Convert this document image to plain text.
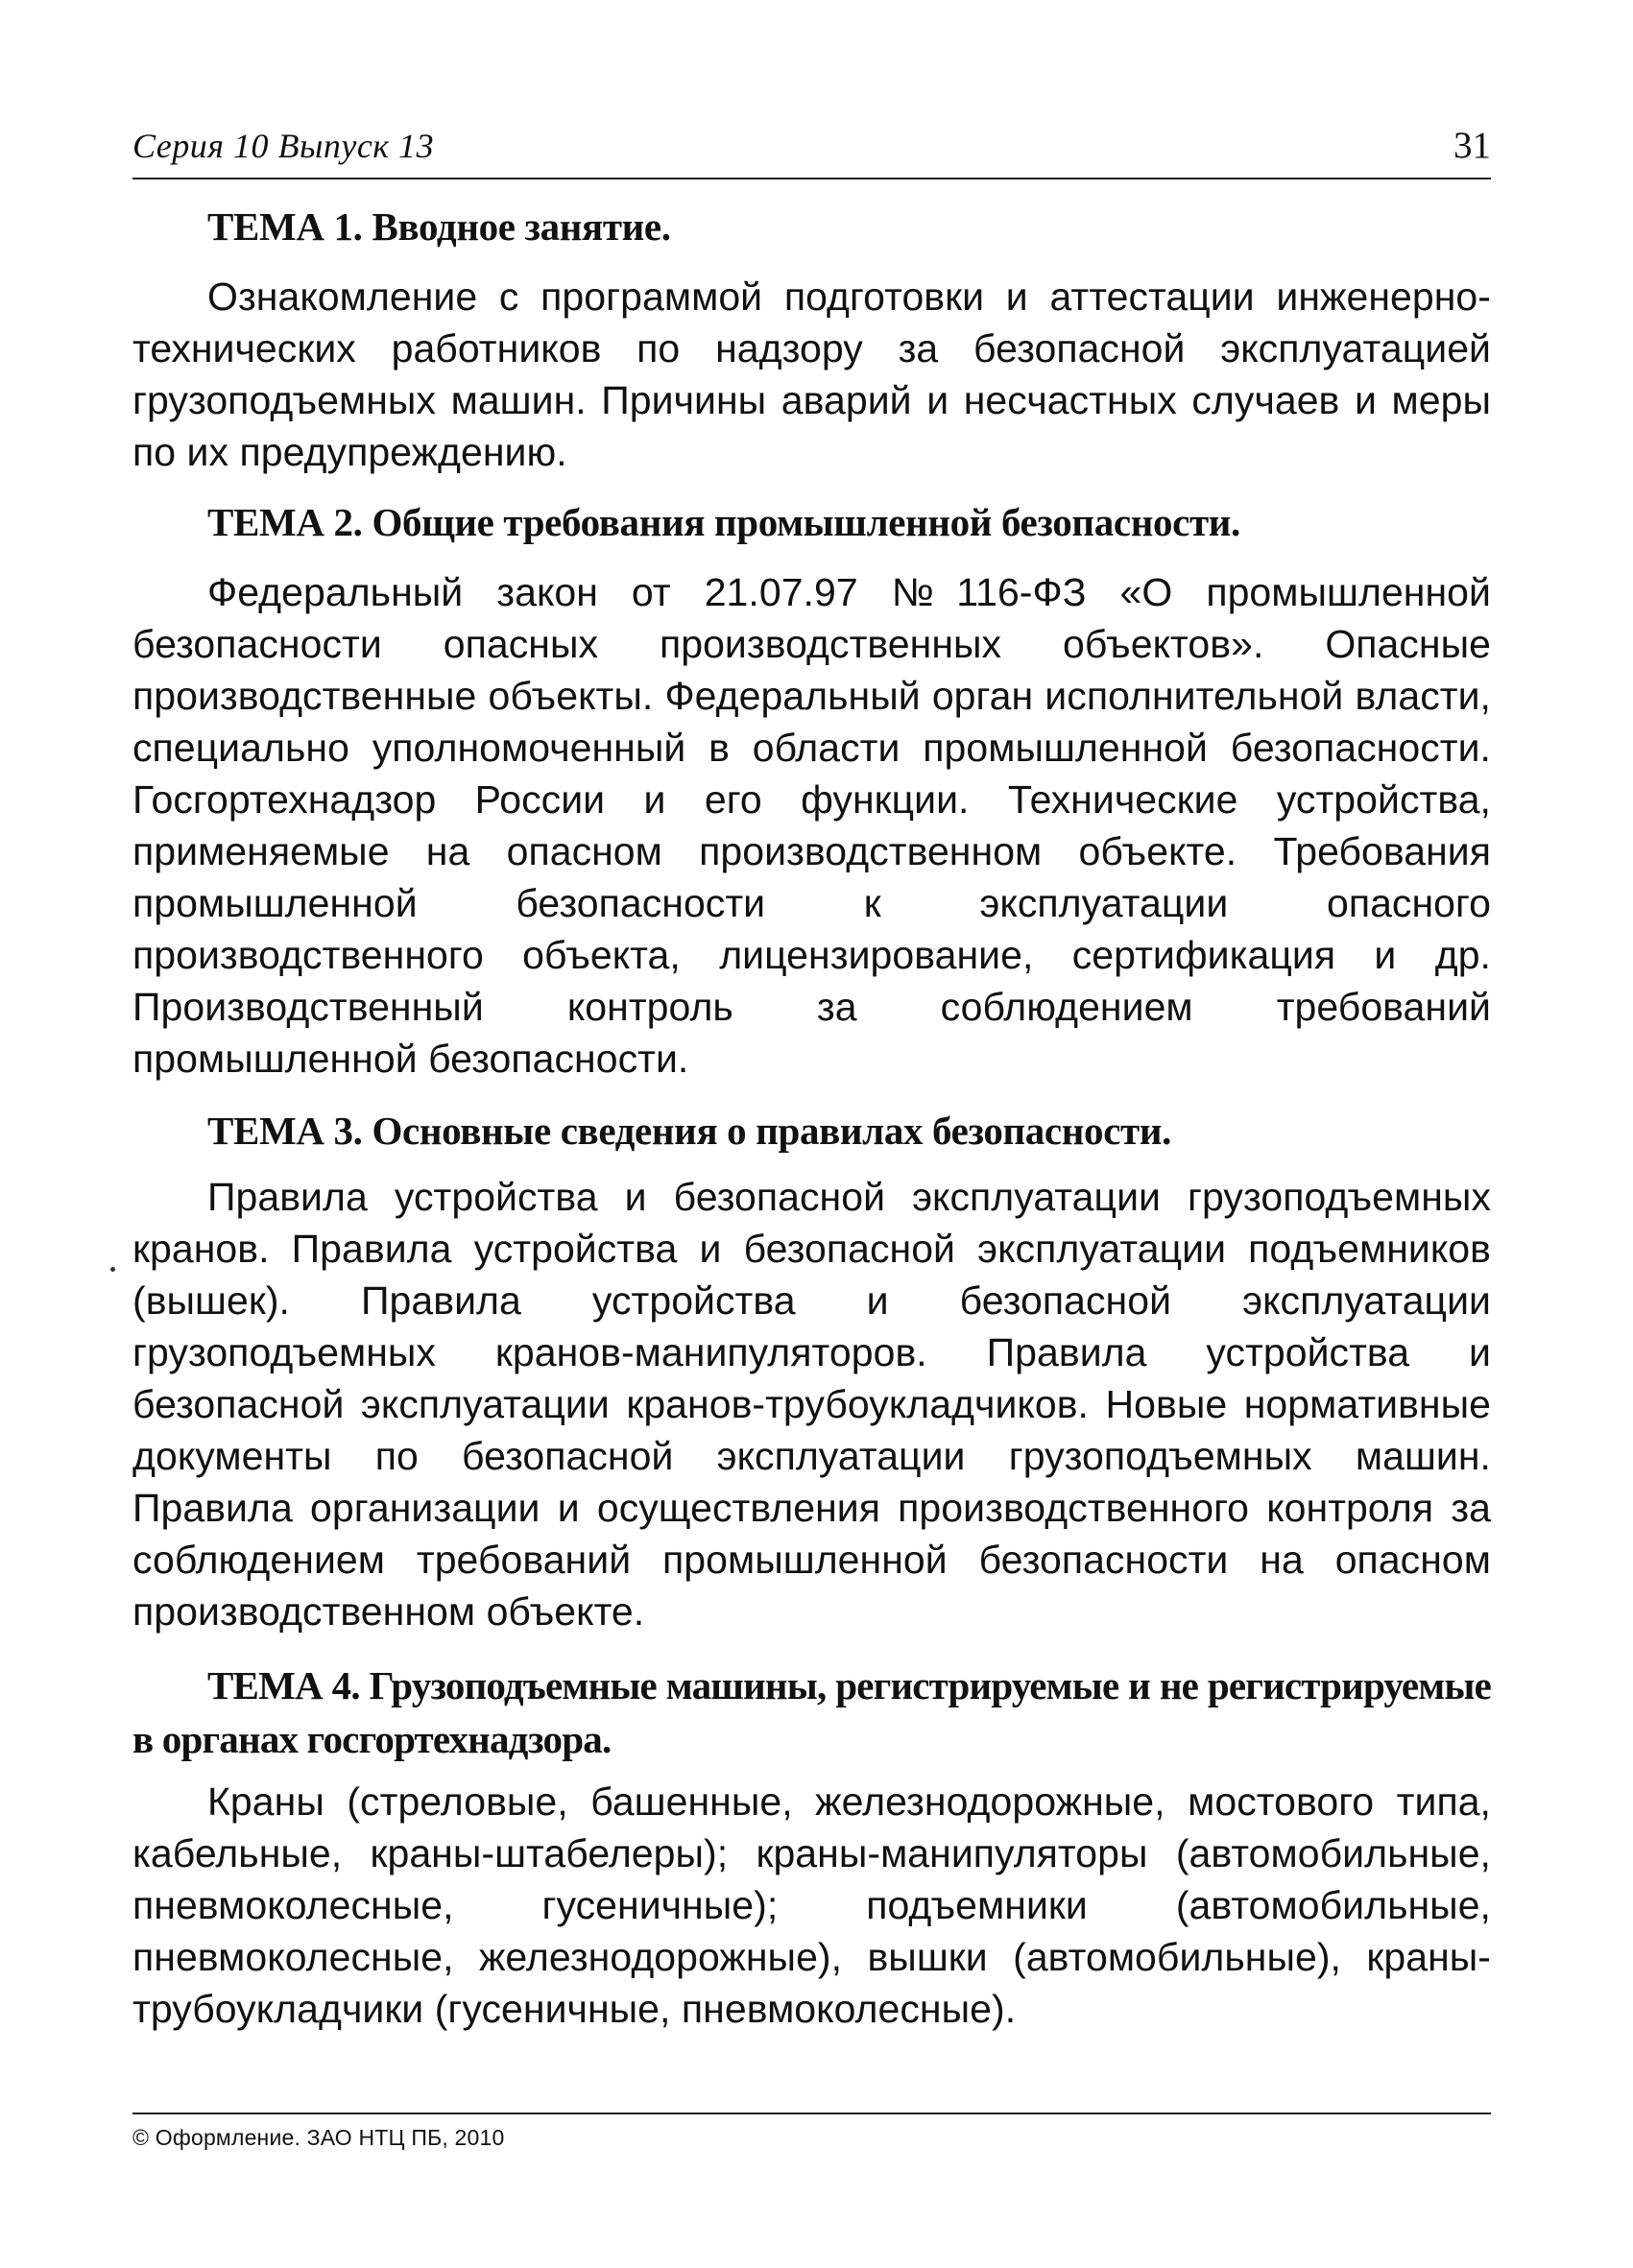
Серия 10 Выпуск 13	31
ТЕМА 1. Вводное занятие.

Ознакомление с программой подготовки и аттестации инженерно-технических работников по надзору за безопасной эксплуатацией грузоподъемных машин. Причины аварий и несчастных случаев и меры по их предупреждению.

ТЕМА 2. Общие требования промышленной безопасности.

Федеральный закон от 21.07.97 №116-ФЗ «О промышленной безопасности опасных производственных объектов». Опасные производственные объекты. Федеральный орган исполнительной власти, специально уполномоченный в области промышленной безопасности. Госгортехнадзор России и его функции. Технические устройства, применяемые на опасном производственном объекте. Требования промышленной безопасности к эксплуатации опасного производственного объекта, лицензирование, сертификация и др. Производственный контроль за соблюдением требований промышленной безопасности.

ТЕМА 3. Основные сведения о правилах безопасности.

Правила устройства и безопасной эксплуатации грузоподъемных кранов. Правила устройства и безопасной эксплуатации подъемников (вышек). Правила устройства и безопасной эксплуатации грузоподъемных кранов-манипуляторов. Правила устройства и безопасной эксплуатации кранов-трубоукладчиков. Новые нормативные документы по безопасной эксплуатации грузоподъемных машин. Правила организации и осуществления производственного контроля за соблюдением требований промышленной безопасности на опасном производственном объекте.

ТЕМА 4. Грузоподъемные машины, регистрируемые и не регистрируемые в органах госгортехнадзора.

Краны (стреловые, башенные, железнодорожные, мостового типа, кабельные, краны-штабелеры); краны-манипуляторы (автомобильные, пневмоколесные, гусеничные); подъемники (автомобильные, пневмоколесные, железнодорожные), вышки (автомобильные), краны-трубоукладчики (гусеничные, пневмоколесные).

© Оформление. ЗАО НТЦ ПБ, 2010
